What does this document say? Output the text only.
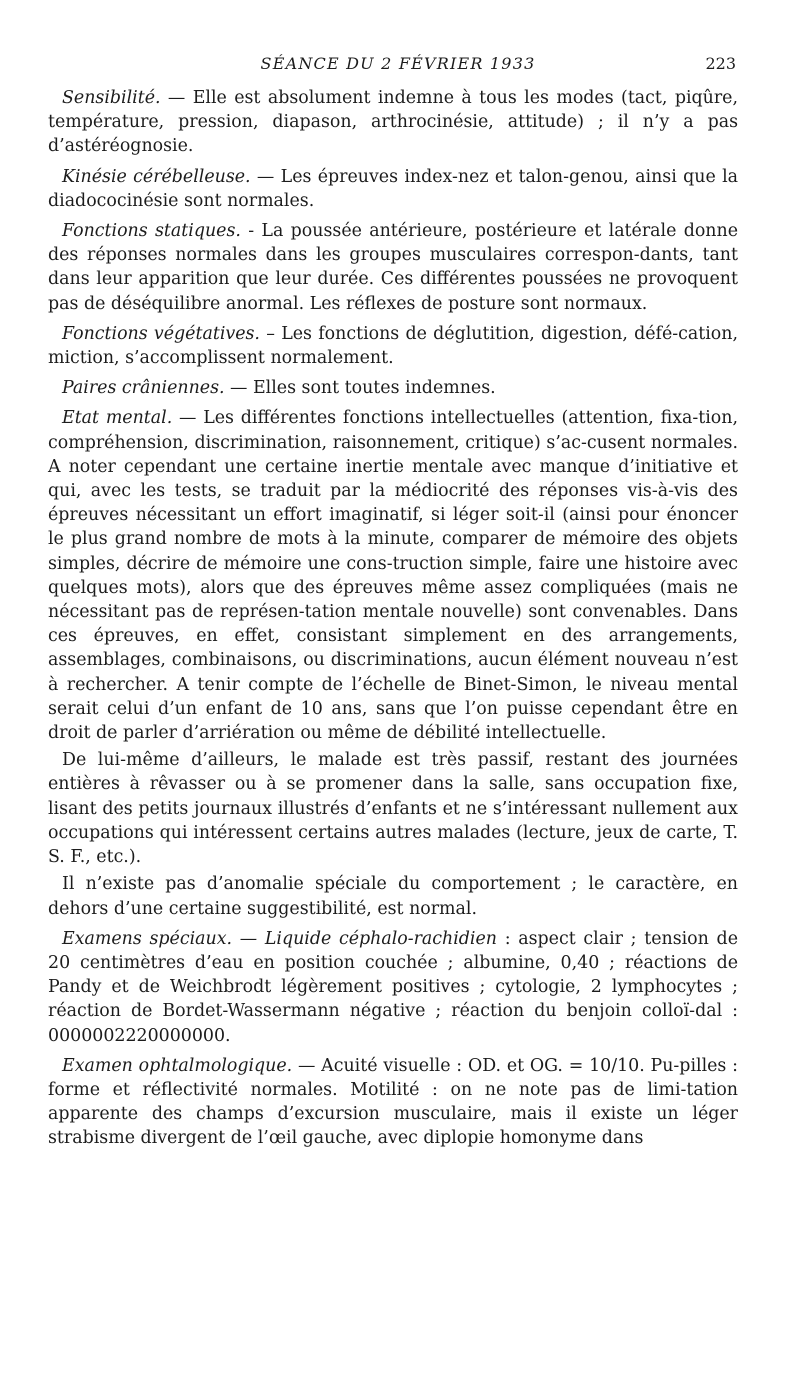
SÉANCE DU 2 FÉVRIER 1933	223

Sensibilité. — Elle est absolument indemne à tous les modes (tact, piqûre, température, pression, diapason, arthrocinésie, attitude) ; il n’y a pas d’astéréognosie.

Kinésie cérébelleuse. — Les épreuves index-nez et talon-genou, ainsi que la diadococinésie sont normales.

Fonctions statiques. - La poussée antérieure, postérieure et latérale donne des réponses normales dans les groupes musculaires correspon-dants, tant dans leur apparition que leur durée. Ces différentes poussées ne provoquent pas de déséquilibre anormal. Les réflexes de posture sont normaux.

Fonctions végétatives. – Les fonctions de déglutition, digestion, défé-cation, miction, s’accomplissent normalement.

Paires crâniennes. — Elles sont toutes indemnes.

Etat mental. — Les différentes fonctions intellectuelles (attention, fixa-tion, compréhension, discrimination, raisonnement, critique) s’ac-cusent normales. A noter cependant une certaine inertie mentale avec manque d’initiative et qui, avec les tests, se traduit par la médiocrité des réponses vis-à-vis des épreuves nécessitant un effort imaginatif, si léger soit-il (ainsi pour énoncer le plus grand nombre de mots à la minute, comparer de mémoire des objets simples, décrire de mémoire une cons-truction simple, faire une histoire avec quelques mots), alors que des épreuves même assez compliquées (mais ne nécessitant pas de représen-tation mentale nouvelle) sont convenables. Dans ces épreuves, en effet, consistant simplement en des arrangements, assemblages, combinaisons, ou discriminations, aucun élément nouveau n’est à rechercher. A tenir compte de l’échelle de Binet-Simon, le niveau mental serait celui d’un enfant de 10 ans, sans que l’on puisse cependant être en droit de parler d’arriération ou même de débilité intellectuelle.

De lui-même d’ailleurs, le malade est très passif, restant des journées entières à rêvasser ou à se promener dans la salle, sans occupation fixe, lisant des petits journaux illustrés d’enfants et ne s’intéressant nullement aux occupations qui intéressent certains autres malades (lecture, jeux de carte, T. S. F., etc.).

Il n’existe pas d’anomalie spéciale du comportement ; le caractère, en dehors d’une certaine suggestibilité, est normal.

Examens spéciaux. — Liquide céphalo-rachidien : aspect clair ; tension de 20 centimètres d’eau en position couchée ; albumine, 0,40 ; réactions de Pandy et de Weichbrodt légèrement positives ; cytologie, 2 lymphocytes ; réaction de Bordet-Wassermann négative ; réaction du benjoin colloï-dal : 0000002220000000.

Examen ophtalmologique. — Acuité visuelle : OD. et OG. = 10/10. Pu-pilles : forme et réflectivité normales. Motilité : on ne note pas de limi-tation apparente des champs d’excursion musculaire, mais il existe un léger strabisme divergent de l’œil gauche, avec diplopie homonyme dans
